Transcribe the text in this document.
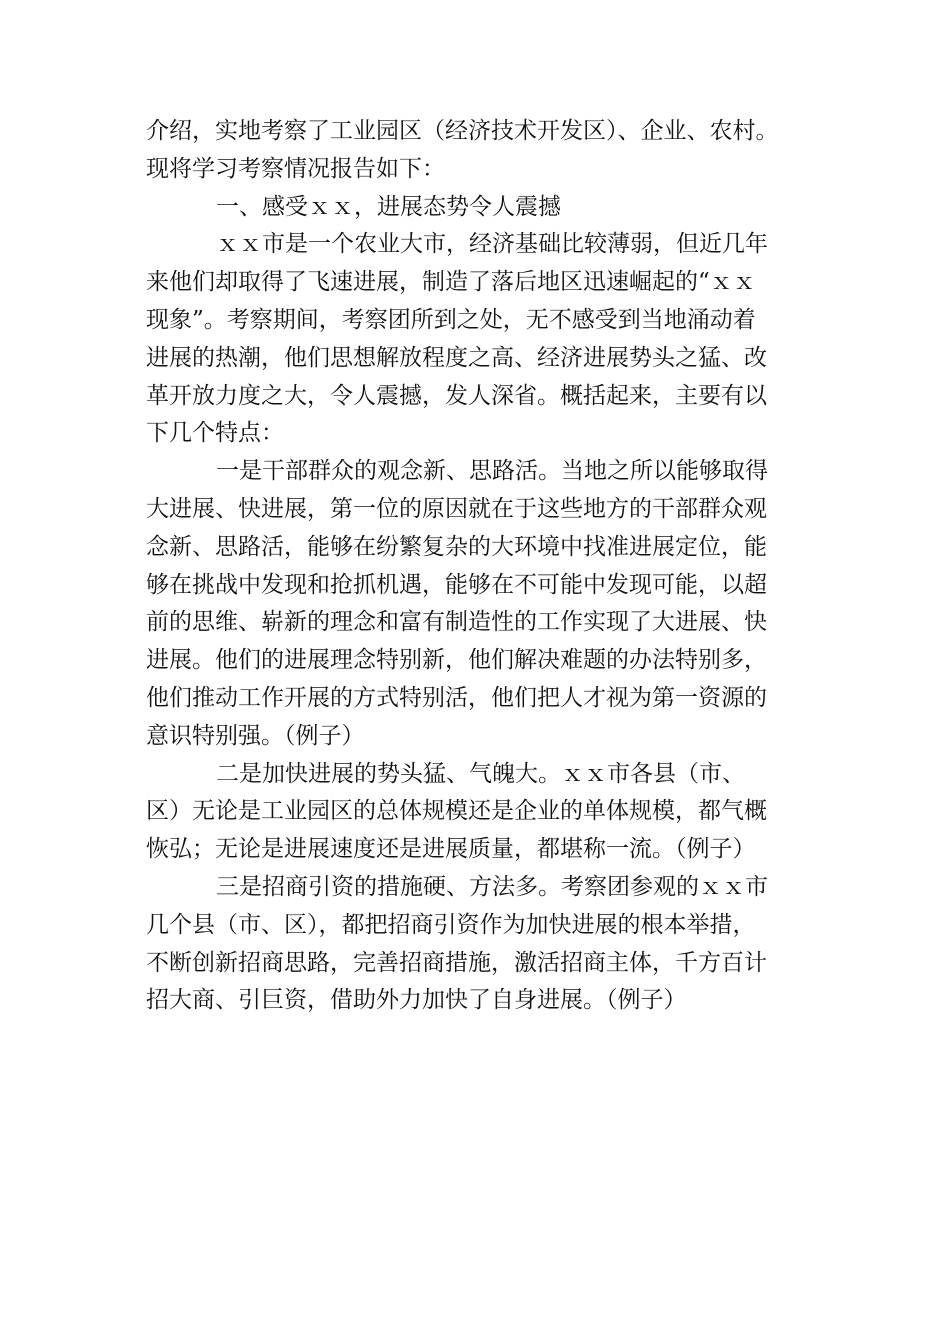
介绍，实地考察了工业园区（经济技术开发区）、企业、农村。
现将学习考察情况报告如下：
一、感受ｘｘ，进展态势令人震撼
ｘｘ市是一个农业大市，经济基础比较薄弱，但近几年
来他们却取得了飞速进展，制造了落后地区迅速崛起的“ｘｘ
现象”。考察期间，考察团所到之处，无不感受到当地涌动着
进展的热潮，他们思想解放程度之高、经济进展势头之猛、改
革开放力度之大，令人震撼，发人深省。概括起来，主要有以
下几个特点：
一是干部群众的观念新、思路活。当地之所以能够取得
大进展、快进展，第一位的原因就在于这些地方的干部群众观
念新、思路活，能够在纷繁复杂的大环境中找准进展定位，能
够在挑战中发现和抢抓机遇，能够在不可能中发现可能，以超
前的思维、崭新的理念和富有制造性的工作实现了大进展、快
进展。他们的进展理念特别新，他们解决难题的办法特别多，
他们推动工作开展的方式特别活，他们把人才视为第一资源的
意识特别强。（例子）
二是加快进展的势头猛、气魄大。ｘｘ市各县（市、
区）无论是工业园区的总体规模还是企业的单体规模，都气概
恢弘；无论是进展速度还是进展质量，都堪称一流。（例子）
三是招商引资的措施硬、方法多。考察团参观的ｘｘ市
几个县（市、区），都把招商引资作为加快进展的根本举措，
不断创新招商思路，完善招商措施，激活招商主体，千方百计
招大商、引巨资，借助外力加快了自身进展。（例子）
